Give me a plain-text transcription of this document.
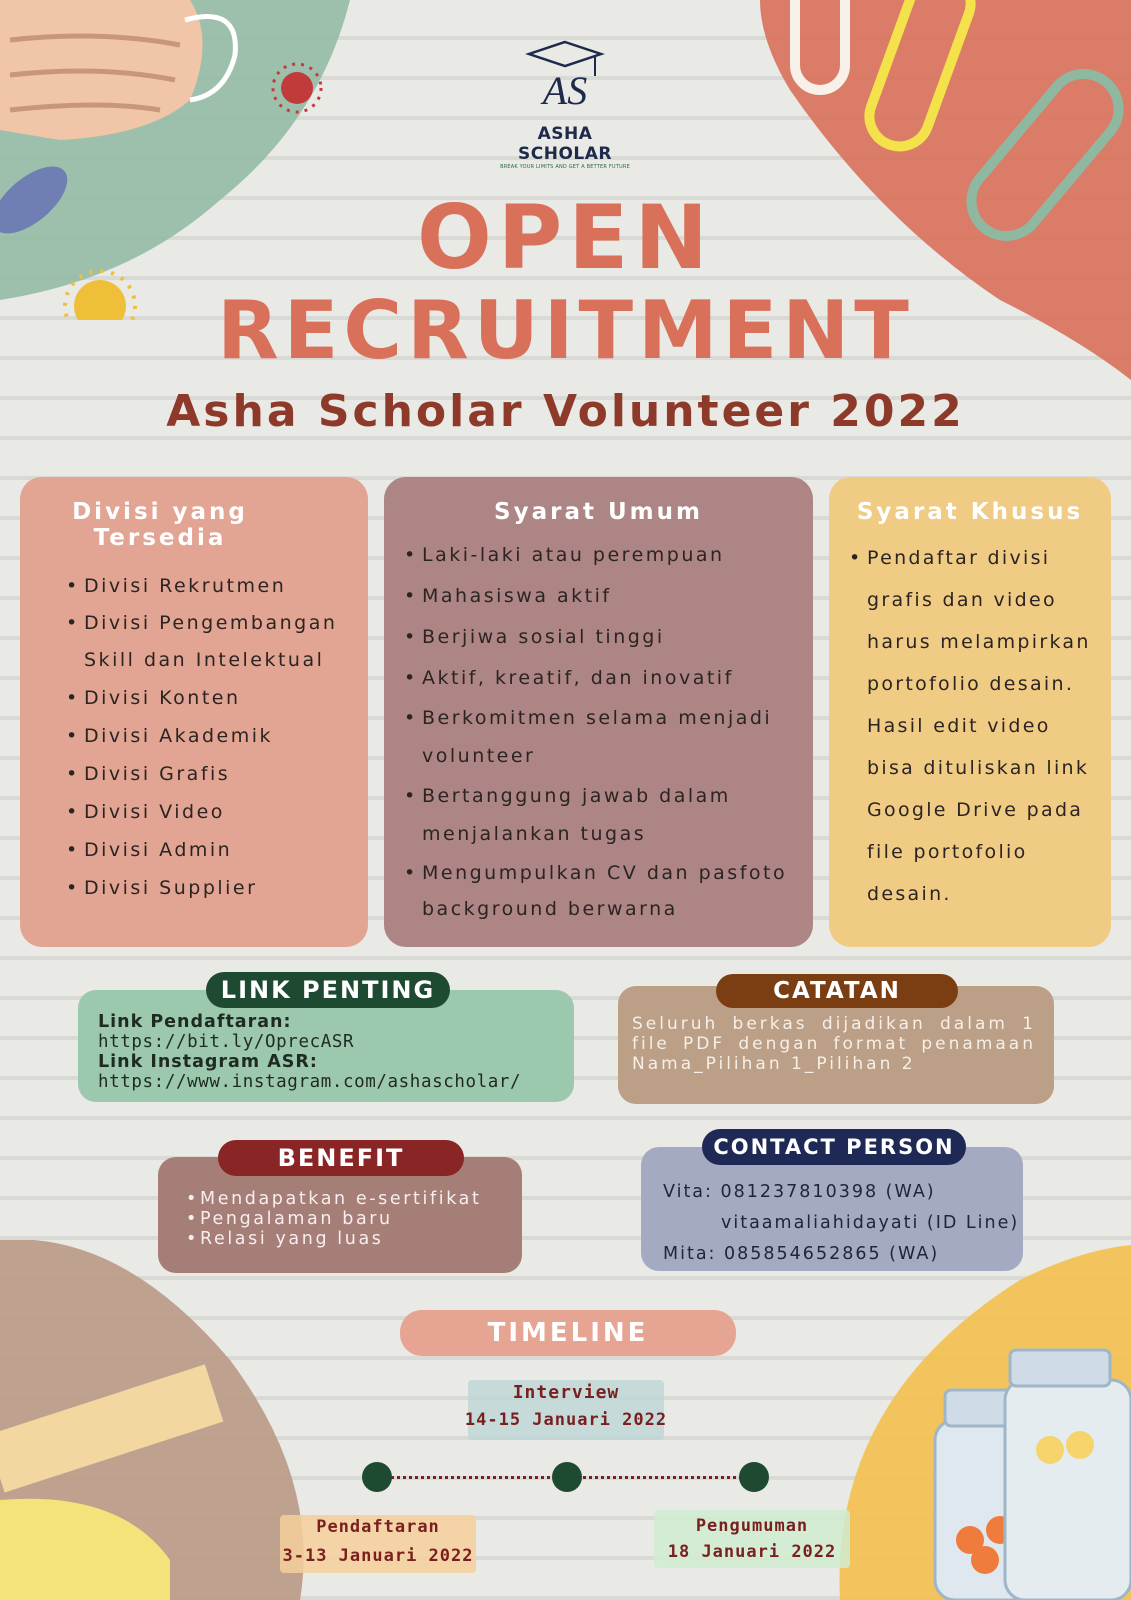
AS
ASHA SCHOLAR
BREAK YOUR LIMITS AND GET A BETTER FUTURE
OPEN
RECRUITMENT
Asha Scholar Volunteer 2022
Divisi yang Tersedia
• Divisi Rekrutmen
• Divisi Pengembangan Skill dan Intelektual
• Divisi Konten
• Divisi Akademik
• Divisi Grafis
• Divisi Video
• Divisi Admin
• Divisi Supplier
Syarat Umum
• Laki-laki atau perempuan
• Mahasiswa aktif
• Berjiwa sosial tinggi
• Aktif, kreatif, dan inovatif
• Berkomitmen selama menjadi volunteer
• Bertanggung jawab dalam menjalankan tugas
• Mengumpulkan CV dan pasfoto background berwarna
Syarat Khusus
• Pendaftar divisi grafis dan video harus melampirkan portofolio desain. Hasil edit video bisa dituliskan link Google Drive pada file portofolio desain.
Link Pendaftaran:
https://bit.ly/OprecASR
Link Instagram ASR:
https://www.instagram.com/ashascholar/
LINK PENTING
Seluruh berkas dijadikan dalam 1 file PDF dengan format penamaan Nama_Pilihan 1_Pilihan 2
CATATAN
• Mendapatkan e-sertifikat
• Pengalaman baru
• Relasi yang luas
BENEFIT
Vita: 081237810398 (WA)
vitaamaliahidayati (ID Line)
Mita: 085854652865 (WA)
CONTACT PERSON
TIMELINE
Interview
14-15 Januari 2022
Pendaftaran
3-13 Januari 2022
Pengumuman
18 Januari 2022
